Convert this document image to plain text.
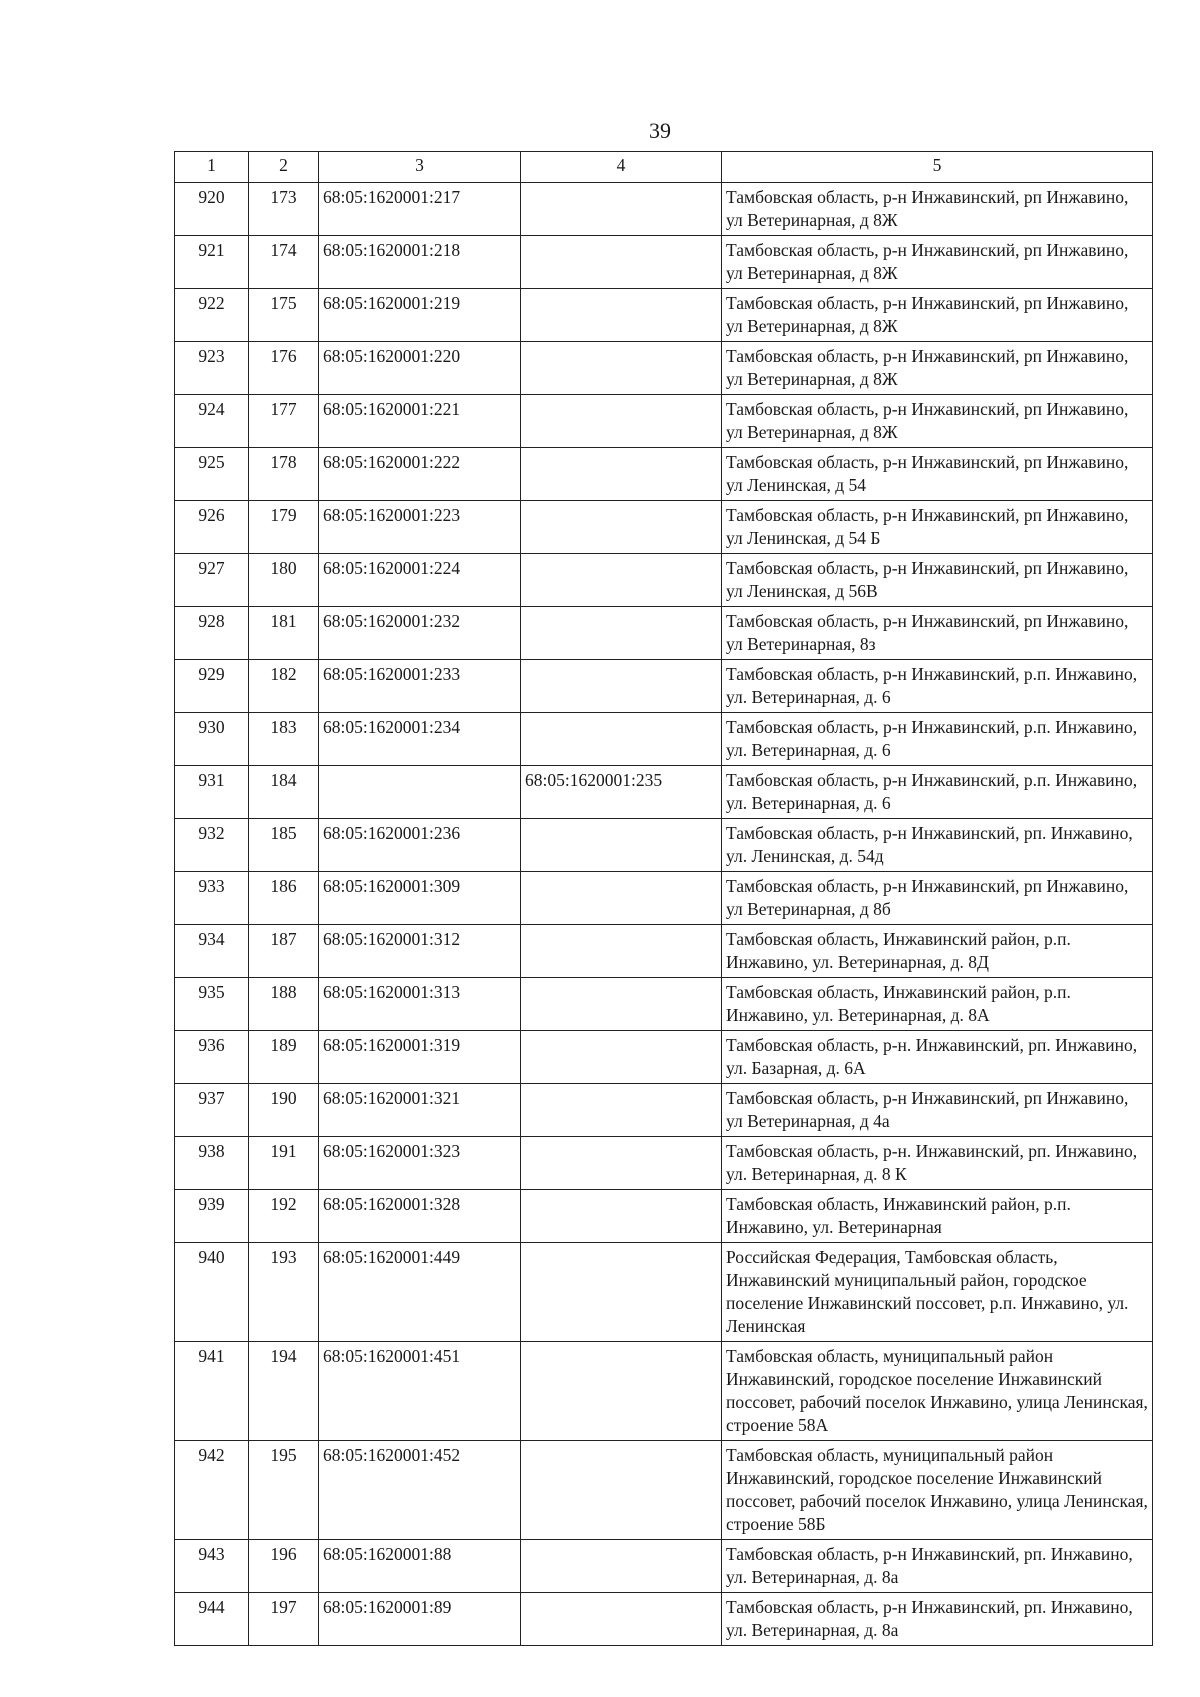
39
1	2	3	4	5
920	173	68:05:1620001:217		Тамбовская область, р-н Инжавинский, рп Инжавино, ул Ветеринарная, д 8Ж
921	174	68:05:1620001:218		Тамбовская область, р-н Инжавинский, рп Инжавино, ул Ветеринарная, д 8Ж
922	175	68:05:1620001:219		Тамбовская область, р-н Инжавинский, рп Инжавино, ул Ветеринарная, д 8Ж
923	176	68:05:1620001:220		Тамбовская область, р-н Инжавинский, рп Инжавино, ул Ветеринарная, д 8Ж
924	177	68:05:1620001:221		Тамбовская область, р-н Инжавинский, рп Инжавино, ул Ветеринарная, д 8Ж
925	178	68:05:1620001:222		Тамбовская область, р-н Инжавинский, рп Инжавино, ул Ленинская, д 54
926	179	68:05:1620001:223		Тамбовская область, р-н Инжавинский, рп Инжавино, ул Ленинская, д 54 Б
927	180	68:05:1620001:224		Тамбовская область, р-н Инжавинский, рп Инжавино, ул Ленинская, д 56В
928	181	68:05:1620001:232		Тамбовская область, р-н Инжавинский, рп Инжавино, ул Ветеринарная, 8з
929	182	68:05:1620001:233		Тамбовская область, р-н Инжавинский, р.п. Инжавино, ул. Ветеринарная, д. 6
930	183	68:05:1620001:234		Тамбовская область, р-н Инжавинский, р.п. Инжавино, ул. Ветеринарная, д. 6
931	184		68:05:1620001:235	Тамбовская область, р-н Инжавинский, р.п. Инжавино, ул. Ветеринарная, д. 6
932	185	68:05:1620001:236		Тамбовская область, р-н Инжавинский, рп. Инжавино, ул. Ленинская, д. 54д
933	186	68:05:1620001:309		Тамбовская область, р-н Инжавинский, рп Инжавино, ул Ветеринарная, д 8б
934	187	68:05:1620001:312		Тамбовская область, Инжавинский район, р.п. Инжавино, ул. Ветеринарная, д. 8Д
935	188	68:05:1620001:313		Тамбовская область, Инжавинский район, р.п. Инжавино, ул. Ветеринарная, д. 8А
936	189	68:05:1620001:319		Тамбовская область, р-н. Инжавинский, рп. Инжавино, ул. Базарная, д. 6А
937	190	68:05:1620001:321		Тамбовская область, р-н Инжавинский, рп Инжавино, ул Ветеринарная, д 4а
938	191	68:05:1620001:323		Тамбовская область, р-н. Инжавинский, рп. Инжавино, ул. Ветеринарная, д. 8 К
939	192	68:05:1620001:328		Тамбовская область, Инжавинский район, р.п. Инжавино, ул. Ветеринарная
940	193	68:05:1620001:449		Российская Федерация, Тамбовская область, Инжавинский муниципальный район, городское поселение Инжавинский поссовет, р.п. Инжавино, ул. Ленинская
941	194	68:05:1620001:451		Тамбовская область, муниципальный район Инжавинский, городское поселение Инжавинский поссовет, рабочий поселок Инжавино, улица Ленинская, строение 58А
942	195	68:05:1620001:452		Тамбовская область, муниципальный район Инжавинский, городское поселение Инжавинский поссовет, рабочий поселок Инжавино, улица Ленинская, строение 58Б
943	196	68:05:1620001:88		Тамбовская область, р-н Инжавинский, рп. Инжавино, ул. Ветеринарная, д. 8а
944	197	68:05:1620001:89		Тамбовская область, р-н Инжавинский, рп. Инжавино, ул. Ветеринарная, д. 8а
